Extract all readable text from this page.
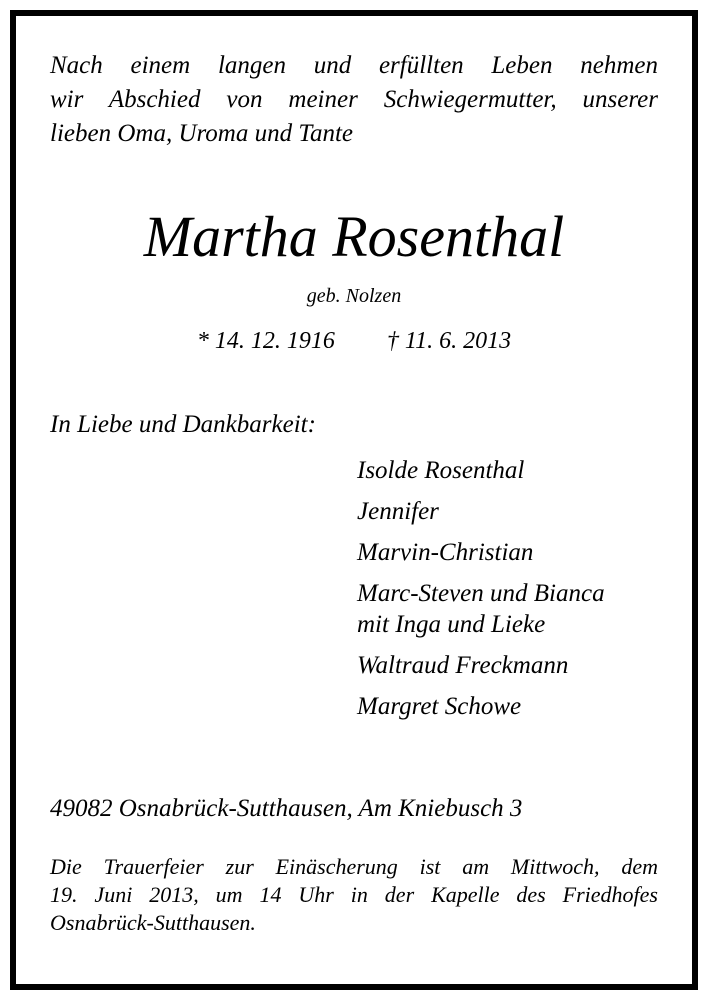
Nach einem langen und erfüllten Leben nehmen
wir Abschied von meiner Schwiegermutter, unserer
lieben Oma, Uroma und Tante

Martha Rosenthal

geb. Nolzen

* 14. 12. 1916 † 11. 6. 2013

In Liebe und Dankbarkeit:

Isolde Rosenthal
Jennifer
Marvin-Christian
Marc-Steven und Bianca
mit Inga und Lieke
Waltraud Freckmann
Margret Schowe

49082 Osnabrück-Sutthausen, Am Kniebusch 3

Die Trauerfeier zur Einäscherung ist am Mittwoch, dem
19. Juni 2013, um 14 Uhr in der Kapelle des Friedhofes
Osnabrück-Sutthausen.
